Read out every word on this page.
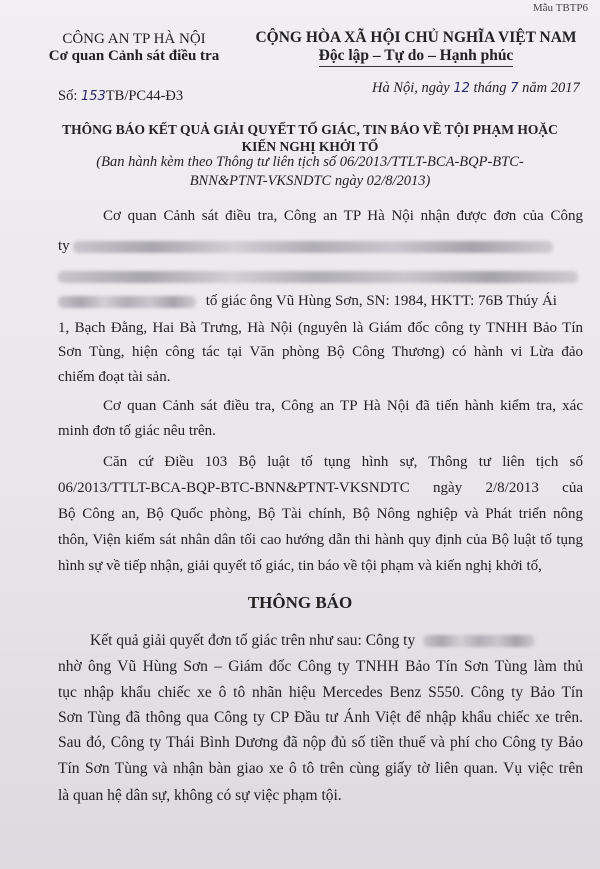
Mẫu TBTP6
CÔNG AN TP HÀ NỘI
Cơ quan Cảnh sát điều tra
CỘNG HÒA XÃ HỘI CHỦ NGHĨA VIỆT NAM
Độc lập – Tự do – Hạnh phúc
Số: 153TB/PC44-Đ3	Hà Nội, ngày 12 tháng 7 năm 2017
THÔNG BÁO KẾT QUẢ GIẢI QUYẾT TỐ GIÁC, TIN BÁO VỀ TỘI PHẠM HOẶC
KIẾN NGHỊ KHỞI TỐ
(Ban hành kèm theo Thông tư liên tịch số 06/2013/TTLT-BCA-BQP-BTC-
BNN&PTNT-VKSNDTC ngày 02/8/2013)
Cơ quan Cảnh sát điều tra, Công an TP Hà Nội nhận được đơn của Công
ty
tố giác ông Vũ Hùng Sơn, SN: 1984, HKTT: 76B Thúy Ái
1, Bạch Đằng, Hai Bà Trưng, Hà Nội (nguyên là Giám đốc công ty TNHH Bảo Tín
Sơn Tùng, hiện công tác tại Văn phòng Bộ Công Thương) có hành vi Lừa đảo
chiếm đoạt tài sản.
Cơ quan Cảnh sát điều tra, Công an TP Hà Nội đã tiến hành kiểm tra, xác
minh đơn tố giác nêu trên.
Căn cứ Điều 103 Bộ luật tố tụng hình sự, Thông tư liên tịch số
06/2013/TTLT-BCA-BQP-BTC-BNN&PTNT-VKSNDTC ngày 2/8/2013 của
Bộ Công an, Bộ Quốc phòng, Bộ Tài chính, Bộ Nông nghiệp và Phát triển nông
thôn, Viện kiểm sát nhân dân tối cao hướng dẫn thi hành quy định của Bộ luật tố tụng
hình sự về tiếp nhận, giải quyết tố giác, tin báo về tội phạm và kiến nghị khởi tố,
THÔNG BÁO
Kết quả giải quyết đơn tố giác trên như sau: Công ty
nhờ ông Vũ Hùng Sơn – Giám đốc Công ty TNHH Bảo Tín Sơn Tùng làm thủ
tục nhập khẩu chiếc xe ô tô nhãn hiệu Mercedes Benz S550. Công ty Bảo Tín
Sơn Tùng đã thông qua Công ty CP Đầu tư Ánh Việt để nhập khẩu chiếc xe trên.
Sau đó, Công ty Thái Bình Dương đã nộp đủ số tiền thuế và phí cho Công ty Bảo
Tín Sơn Tùng và nhận bàn giao xe ô tô trên cùng giấy tờ liên quan. Vụ việc trên
là quan hệ dân sự, không có sự việc phạm tội.
